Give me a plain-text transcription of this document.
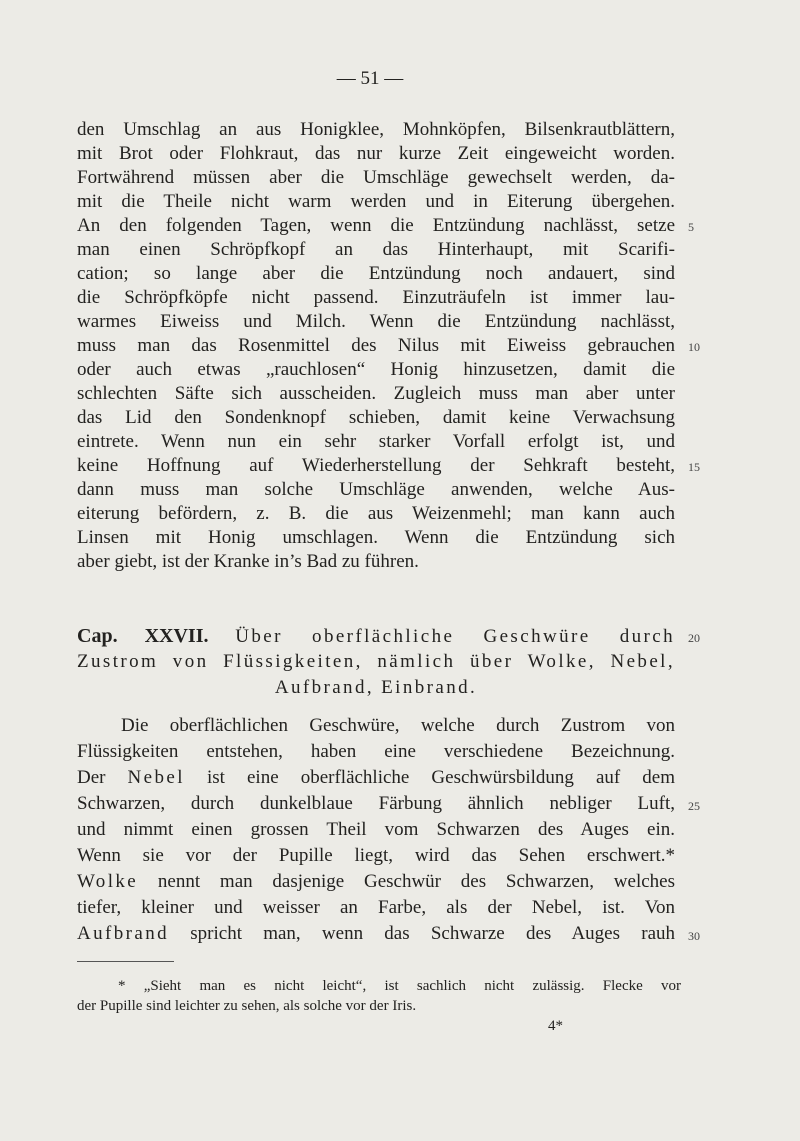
— 51 —
den Umschlag an aus Honigklee, Mohnköpfen, Bilsenkrautblättern,
mit Brot oder Flohkraut, das nur kurze Zeit eingeweicht worden.
Fortwährend müssen aber die Umschläge gewechselt werden, da-
mit die Theile nicht warm werden und in Eiterung übergehen.
An den folgenden Tagen, wenn die Entzündung nachlässt, setze
man einen Schröpfkopf an das Hinterhaupt, mit Scarifi-
cation; so lange aber die Entzündung noch andauert, sind
die Schröpfköpfe nicht passend. Einzuträufeln ist immer lau-
warmes Eiweiss und Milch. Wenn die Entzündung nachlässt,
muss man das Rosenmittel des Nilus mit Eiweiss gebrauchen
oder auch etwas „rauchlosen“ Honig hinzusetzen, damit die
schlechten Säfte sich ausscheiden. Zugleich muss man aber unter
das Lid den Sondenknopf schieben, damit keine Verwachsung
eintrete. Wenn nun ein sehr starker Vorfall erfolgt ist, und
keine Hoffnung auf Wiederherstellung der Sehkraft besteht,
dann muss man solche Umschläge anwenden, welche Aus-
eiterung befördern, z. B. die aus Weizenmehl; man kann auch
Linsen mit Honig umschlagen. Wenn die Entzündung sich
aber giebt, ist der Kranke in’s Bad zu führen.
Cap. XXVII. Über oberflächliche Geschwüre durch
Zustrom von Flüssigkeiten, nämlich über Wolke, Nebel,
Aufbrand, Einbrand.
Die oberflächlichen Geschwüre, welche durch Zustrom von
Flüssigkeiten entstehen, haben eine verschiedene Bezeichnung.
Der Nebel ist eine oberflächliche Geschwürsbildung auf dem
Schwarzen, durch dunkelblaue Färbung ähnlich nebliger Luft,
und nimmt einen grossen Theil vom Schwarzen des Auges ein.
Wenn sie vor der Pupille liegt, wird das Sehen erschwert.*
Wolke nennt man dasjenige Geschwür des Schwarzen, welches
tiefer, kleiner und weisser an Farbe, als der Nebel, ist. Von
Aufbrand spricht man, wenn das Schwarze des Auges rauh
5
10
15
20
25
30
* „Sieht man es nicht leicht“, ist sachlich nicht zulässig. Flecke vor
der Pupille sind leichter zu sehen, als solche vor der Iris.
4*
